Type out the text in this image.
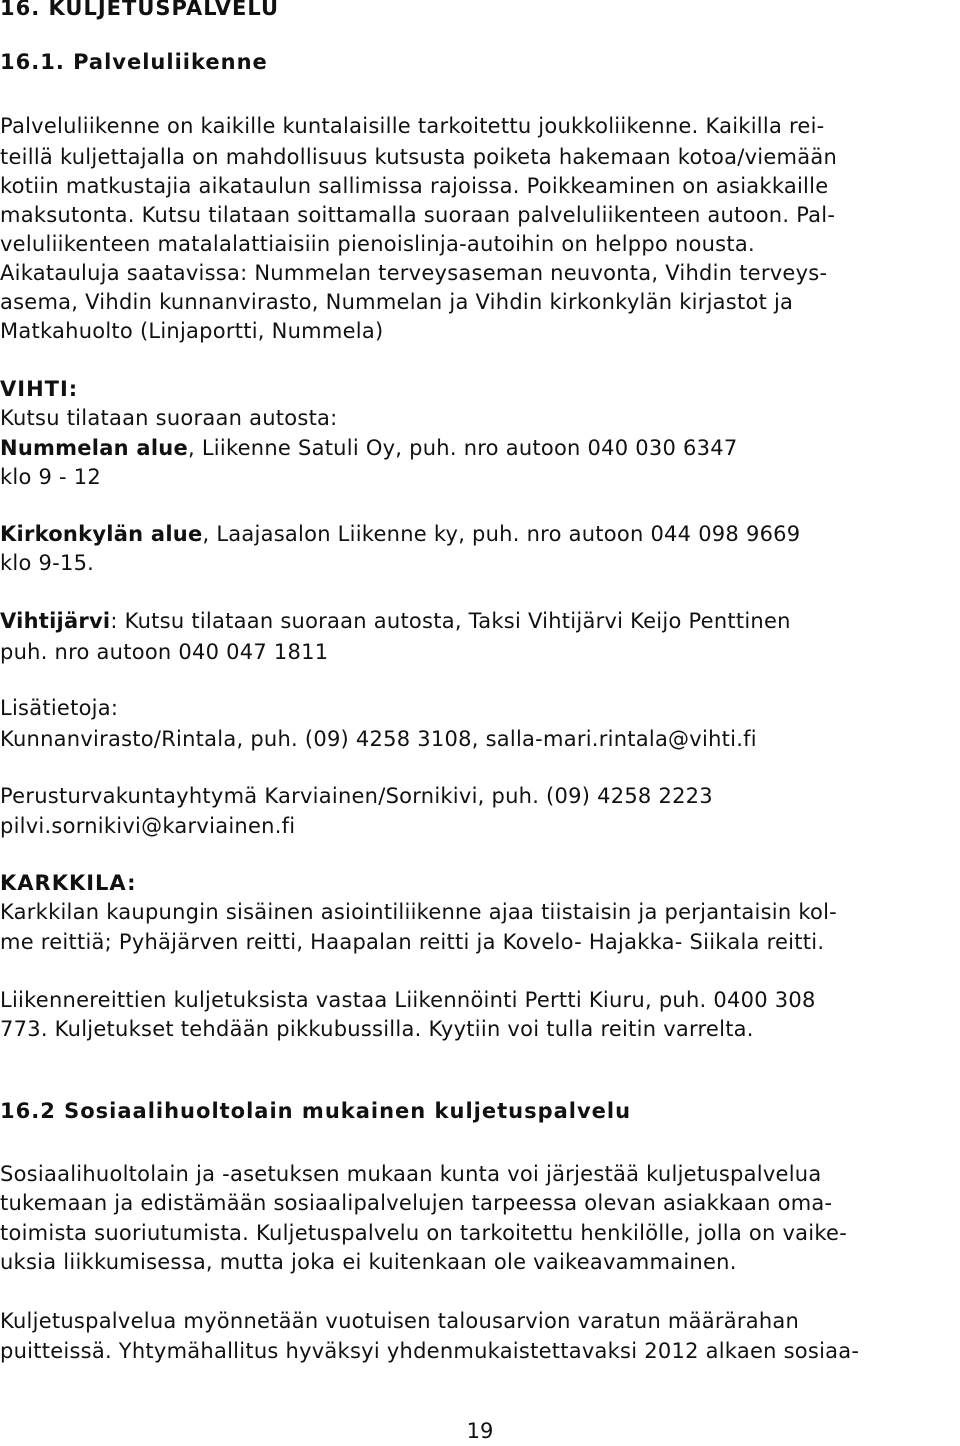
16. KULJETUSPALVELU
16.1. Palveluliikenne
Palveluliikenne on kaikille kuntalaisille tarkoitettu joukkoliikenne. Kaikilla rei-
teillä kuljettajalla on mahdollisuus kutsusta poiketa hakemaan kotoa/viemään
kotiin matkustajia aikataulun sallimissa rajoissa. Poikkeaminen on asiakkaille
maksutonta. Kutsu tilataan soittamalla suoraan palveluliikenteen autoon. Pal-
veluliikenteen matalalattiaisiin pienoislinja-autoihin on helppo nousta.
Aikatauluja saatavissa: Nummelan terveysaseman neuvonta, Vihdin terveys-
asema, Vihdin kunnanvirasto, Nummelan ja Vihdin kirkonkylän kirjastot ja
Matkahuolto (Linjaportti, Nummela)
VIHTI:
Kutsu tilataan suoraan autosta:
Nummelan alue, Liikenne Satuli Oy, puh. nro autoon 040 030 6347
klo 9 - 12
Kirkonkylän alue, Laajasalon Liikenne ky, puh. nro autoon 044 098 9669
klo 9-15.
Vihtijärvi: Kutsu tilataan suoraan autosta, Taksi Vihtijärvi Keijo Penttinen
puh. nro autoon 040 047 1811
Lisätietoja:
Kunnanvirasto/Rintala, puh. (09) 4258 3108, salla-mari.rintala@vihti.fi
Perusturvakuntayhtymä Karviainen/Sornikivi, puh. (09) 4258 2223
pilvi.sornikivi@karviainen.fi
KARKKILA:
Karkkilan kaupungin sisäinen asiointiliikenne ajaa tiistaisin ja perjantaisin kol-
me reittiä; Pyhäjärven reitti, Haapalan reitti ja Kovelo- Hajakka- Siikala reitti.
Liikennereittien kuljetuksista vastaa Liikennöinti Pertti Kiuru, puh. 0400 308
773. Kuljetukset tehdään pikkubussilla. Kyytiin voi tulla reitin varrelta.
16.2 Sosiaalihuoltolain mukainen kuljetuspalvelu
Sosiaalihuoltolain ja -asetuksen mukaan kunta voi järjestää kuljetuspalvelua
tukemaan ja edistämään sosiaalipalvelujen tarpeessa olevan asiakkaan oma-
toimista suoriutumista. Kuljetuspalvelu on tarkoitettu henkilölle, jolla on vaike-
uksia liikkumisessa, mutta joka ei kuitenkaan ole vaikeavammainen.
Kuljetuspalvelua myönnetään vuotuisen talousarvion varatun määrärahan
puitteissä. Yhtymähallitus hyväksyi yhdenmukaistettavaksi 2012 alkaen sosiaa-
19
